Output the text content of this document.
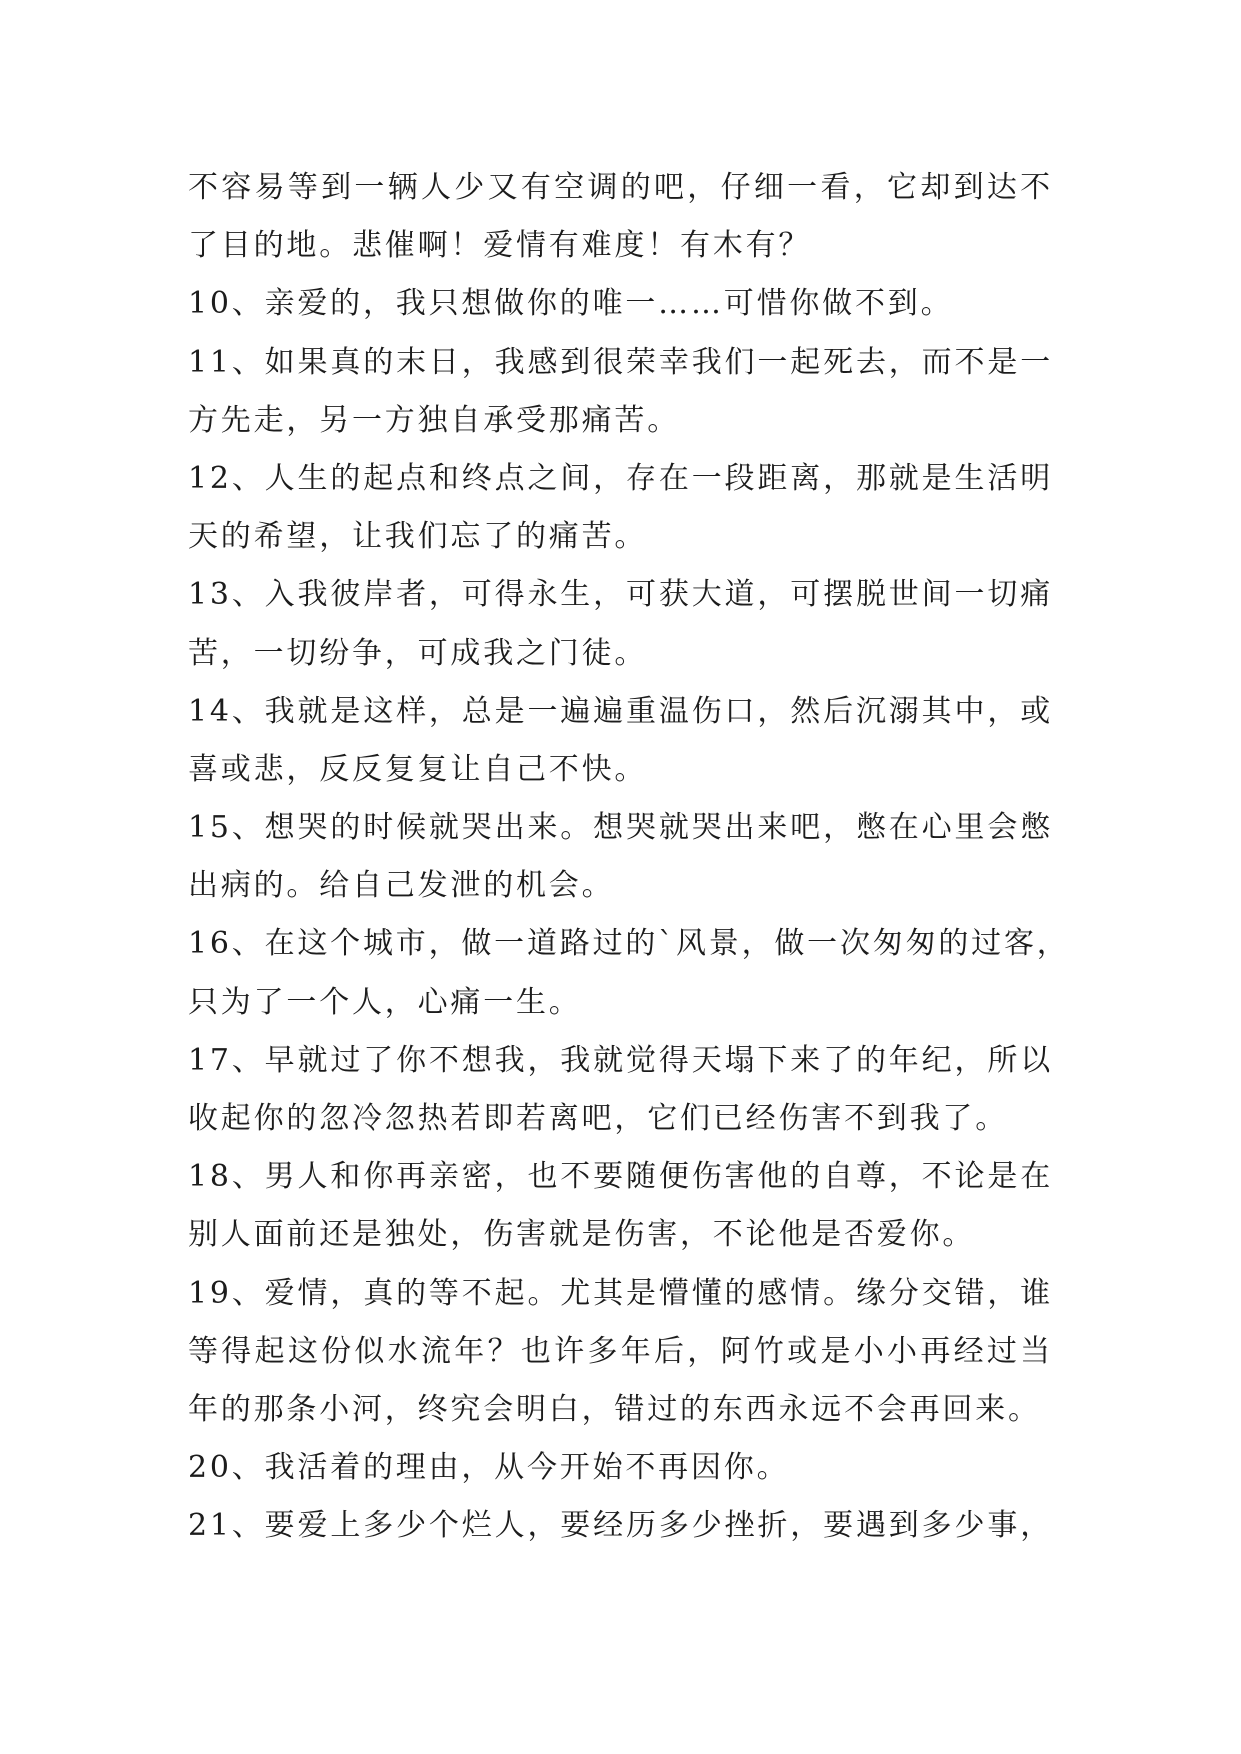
不容易等到一辆人少又有空调的吧，仔细一看，它却到达不
了目的地。悲催啊！爱情有难度！有木有？
10、亲爱的，我只想做你的唯一……可惜你做不到。
11、如果真的末日，我感到很荣幸我们一起死去，而不是一
方先走，另一方独自承受那痛苦。
12、人生的起点和终点之间，存在一段距离，那就是生活明
天的希望，让我们忘了的痛苦。
13、入我彼岸者，可得永生，可获大道，可摆脱世间一切痛
苦，一切纷争，可成我之门徒。
14、我就是这样，总是一遍遍重温伤口，然后沉溺其中，或
喜或悲，反反复复让自己不快。
15、想哭的时候就哭出来。想哭就哭出来吧，憋在心里会憋
出病的。给自己发泄的机会。
16、在这个城市，做一道路过的`风景，做一次匆匆的过客，
只为了一个人，心痛一生。
17、早就过了你不想我，我就觉得天塌下来了的年纪，所以
收起你的忽冷忽热若即若离吧，它们已经伤害不到我了。
18、男人和你再亲密，也不要随便伤害他的自尊，不论是在
别人面前还是独处，伤害就是伤害，不论他是否爱你。
19、爱情，真的等不起。尤其是懵懂的感情。缘分交错，谁
等得起这份似水流年？也许多年后，阿竹或是小小再经过当
年的那条小河，终究会明白，错过的东西永远不会再回来。
20、我活着的理由，从今开始不再因你。
21、要爱上多少个烂人，要经历多少挫折，要遇到多少事，
